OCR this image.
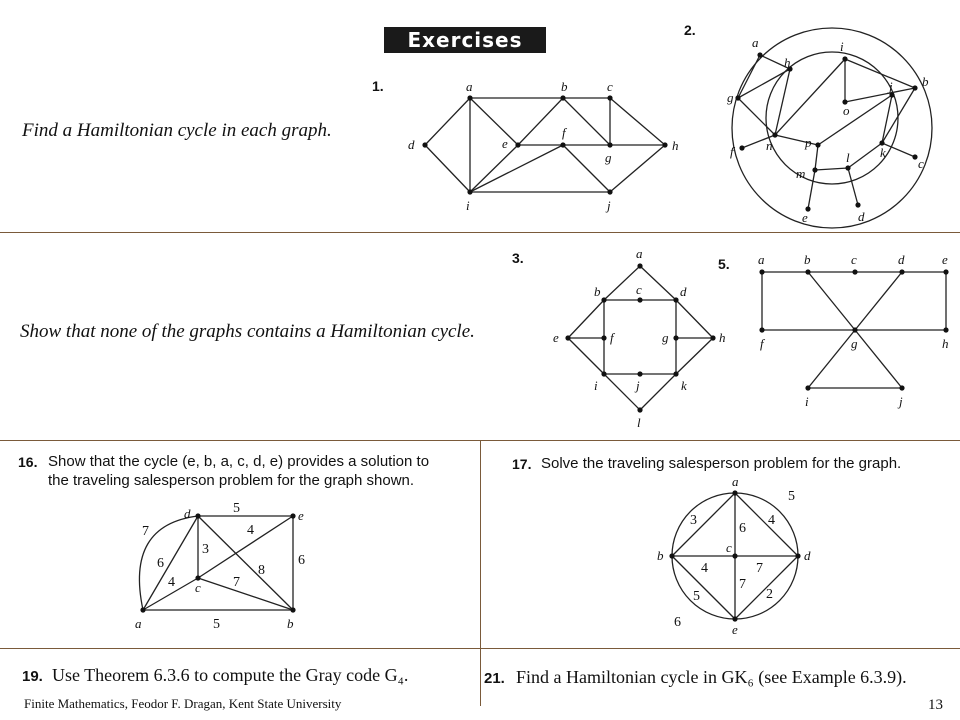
Exercises
Find a Hamiltonian cycle in each graph.
1.
2.
a	b	c
d	e
f
g
h
i	j
a
b
c
d
e
f
g
h
i
j
k
l
m
n
o
p
a
b	c	d
e	f	g	h
i	j	k
l
a	b	c	d	e
f	g	h
i	j
a	b
c
d	e
5
4
3
8
7
6
4
7
5
6
a
b
c
d
e
3
6
4
5
4	7
5
7
2
6
Show that none of the graphs contains a Hamiltonian cycle.
3.	5.
16. Show that the cycle (e, b, a, c, d, e) provides a solution to
the traveling salesperson problem for the graph shown.
17. Solve the traveling salesperson problem for the graph.
19. Use Theorem 6.3.6 to compute the Gray code G₄.	21. Find a Hamiltonian cycle in GK₆ (see Example 6.3.9).
Finite Mathematics, Feodor F. Dragan, Kent State University	13
